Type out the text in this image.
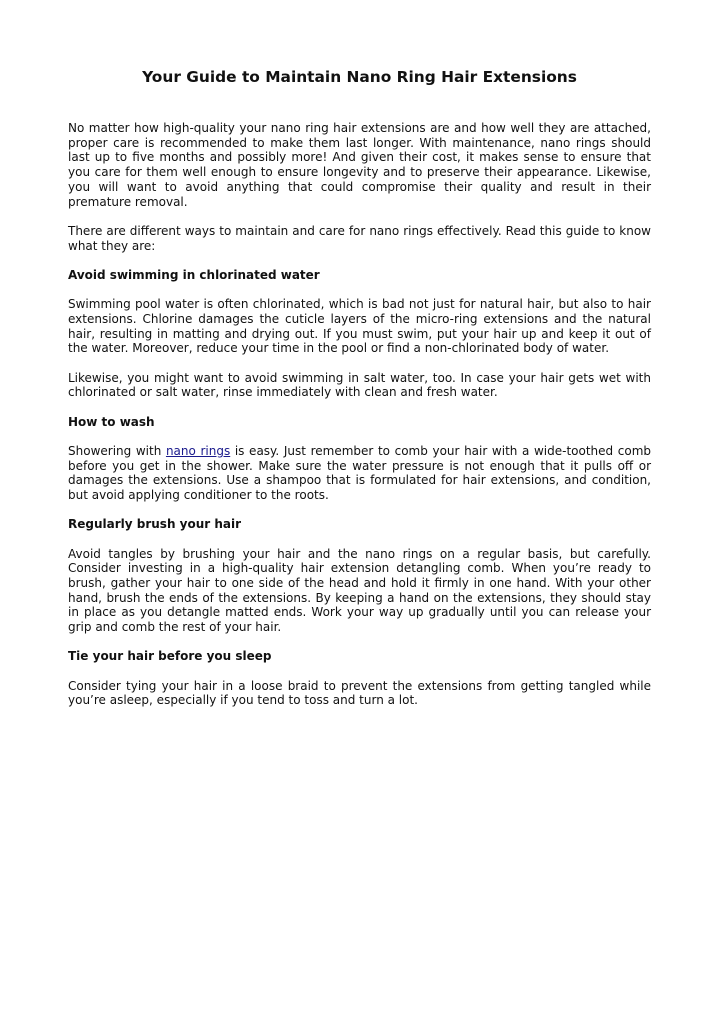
Your Guide to Maintain Nano Ring Hair Extensions

No matter how high-quality your nano ring hair extensions are and how well they are attached, proper care is recommended to make them last longer. With maintenance, nano rings should last up to five months and possibly more! And given their cost, it makes sense to ensure that you care for them well enough to ensure longevity and to preserve their appearance. Likewise, you will want to avoid anything that could compromise their quality and result in their premature removal.

There are different ways to maintain and care for nano rings effectively. Read this guide to know what they are:

Avoid swimming in chlorinated water

Swimming pool water is often chlorinated, which is bad not just for natural hair, but also to hair extensions. Chlorine damages the cuticle layers of the micro-ring extensions and the natural hair, resulting in matting and drying out. If you must swim, put your hair up and keep it out of the water. Moreover, reduce your time in the pool or find a non-chlorinated body of water.

Likewise, you might want to avoid swimming in salt water, too. In case your hair gets wet with chlorinated or salt water, rinse immediately with clean and fresh water.

How to wash

Showering with nano rings is easy. Just remember to comb your hair with a wide-toothed comb before you get in the shower. Make sure the water pressure is not enough that it pulls off or damages the extensions. Use a shampoo that is formulated for hair extensions, and condition, but avoid applying conditioner to the roots.

Regularly brush your hair

Avoid tangles by brushing your hair and the nano rings on a regular basis, but carefully. Consider investing in a high-quality hair extension detangling comb. When you’re ready to brush, gather your hair to one side of the head and hold it firmly in one hand. With your other hand, brush the ends of the extensions. By keeping a hand on the extensions, they should stay in place as you detangle matted ends. Work your way up gradually until you can release your grip and comb the rest of your hair.

Tie your hair before you sleep

Consider tying your hair in a loose braid to prevent the extensions from getting tangled while you’re asleep, especially if you tend to toss and turn a lot.
